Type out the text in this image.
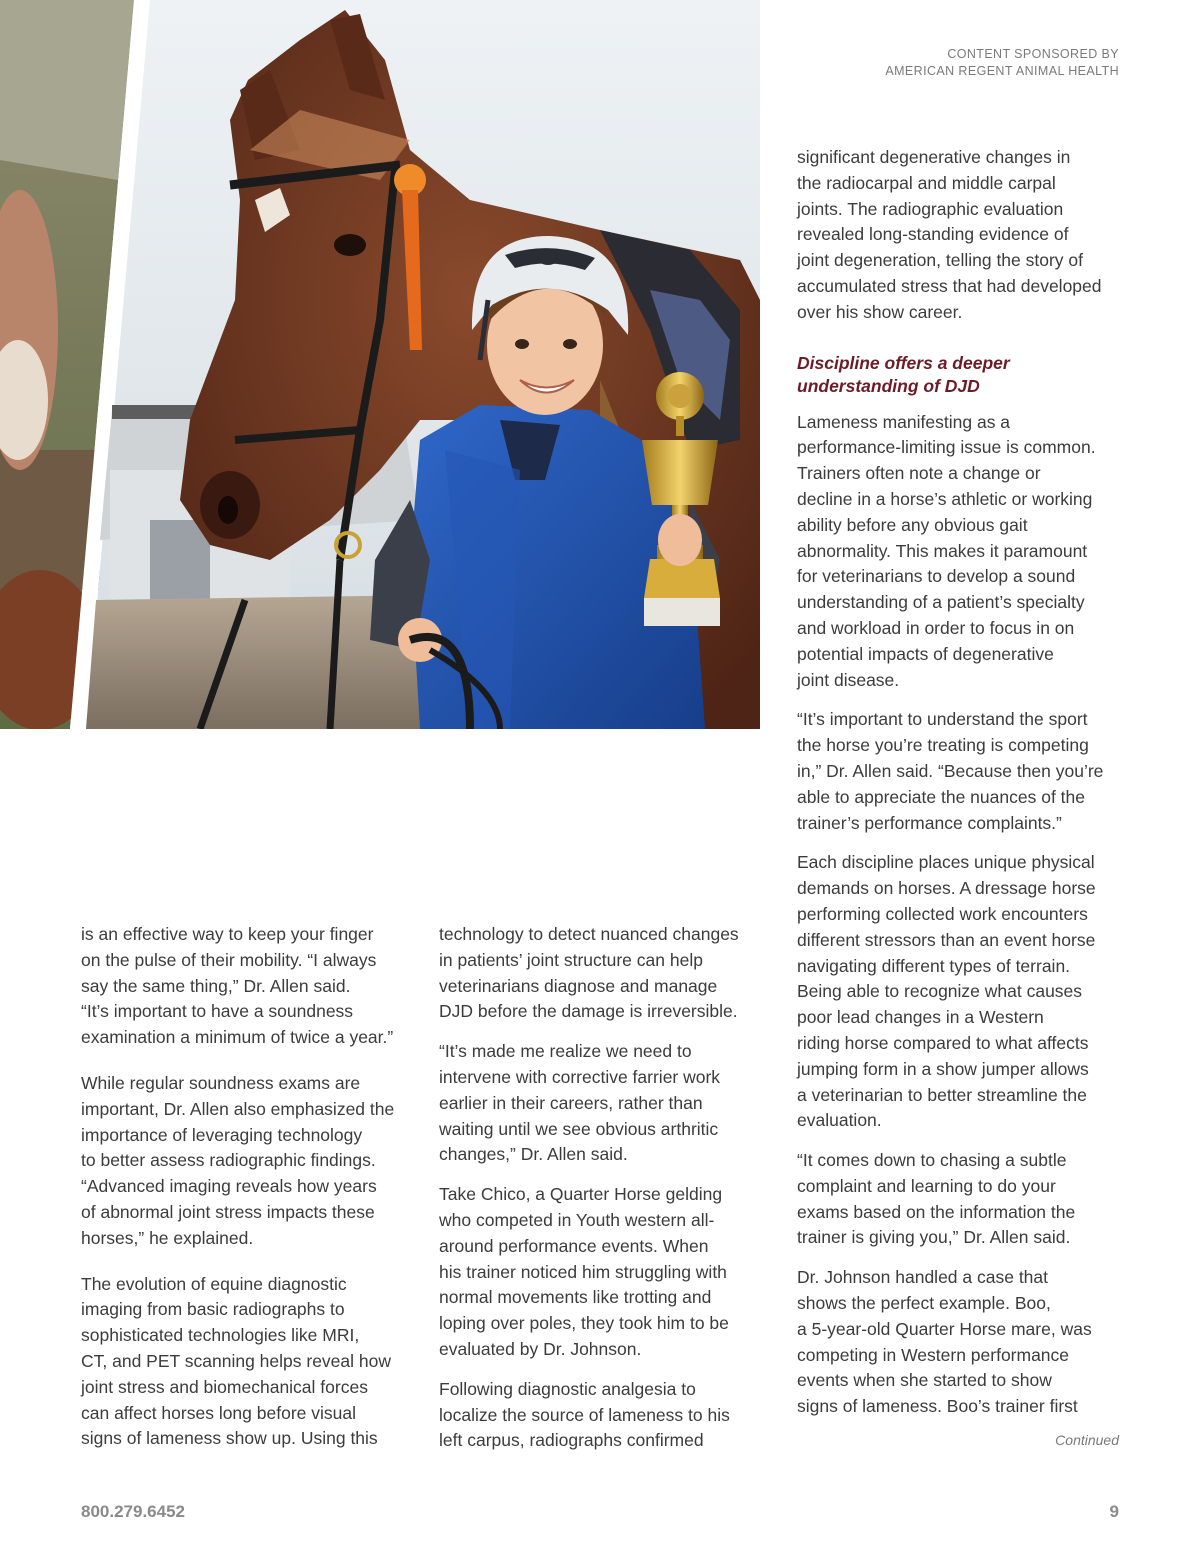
CONTENT SPONSORED BY
AMERICAN REGENT ANIMAL HEALTH

is an effective way to keep your finger
on the pulse of their mobility. “I always
say the same thing,” Dr. Allen said.
“It’s important to have a soundness
examination a minimum of twice a year.”

While regular soundness exams are
important, Dr. Allen also emphasized the
importance of leveraging technology
to better assess radiographic findings.
“Advanced imaging reveals how years
of abnormal joint stress impacts these
horses,” he explained.

The evolution of equine diagnostic
imaging from basic radiographs to
sophisticated technologies like MRI,
CT, and PET scanning helps reveal how
joint stress and biomechanical forces
can affect horses long before visual
signs of lameness show up. Using this

technology to detect nuanced changes
in patients’ joint structure can help
veterinarians diagnose and manage
DJD before the damage is irreversible.

“It’s made me realize we need to
intervene with corrective farrier work
earlier in their careers, rather than
waiting until we see obvious arthritic
changes,” Dr. Allen said.

Take Chico, a Quarter Horse gelding
who competed in Youth western all-
around performance events. When
his trainer noticed him struggling with
normal movements like trotting and
loping over poles, they took him to be
evaluated by Dr. Johnson.

Following diagnostic analgesia to
localize the source of lameness to his
left carpus, radiographs confirmed

significant degenerative changes in
the radiocarpal and middle carpal
joints. The radiographic evaluation
revealed long-standing evidence of
joint degeneration, telling the story of
accumulated stress that had developed
over his show career.

Discipline offers a deeper
understanding of DJD

Lameness manifesting as a
performance-limiting issue is common.
Trainers often note a change or
decline in a horse’s athletic or working
ability before any obvious gait
abnormality. This makes it paramount
for veterinarians to develop a sound
understanding of a patient’s specialty
and workload in order to focus in on
potential impacts of degenerative
joint disease.

“It’s important to understand the sport
the horse you’re treating is competing
in,” Dr. Allen said. “Because then you’re
able to appreciate the nuances of the
trainer’s performance complaints.”

Each discipline places unique physical
demands on horses. A dressage horse
performing collected work encounters
different stressors than an event horse
navigating different types of terrain.
Being able to recognize what causes
poor lead changes in a Western
riding horse compared to what affects
jumping form in a show jumper allows
a veterinarian to better streamline the
evaluation.

“It comes down to chasing a subtle
complaint and learning to do your
exams based on the information the
trainer is giving you,” Dr. Allen said.

Dr. Johnson handled a case that
shows the perfect example. Boo,
a 5-year-old Quarter Horse mare, was
competing in Western performance
events when she started to show
signs of lameness. Boo’s trainer first

Continued
800.279.6452	9
